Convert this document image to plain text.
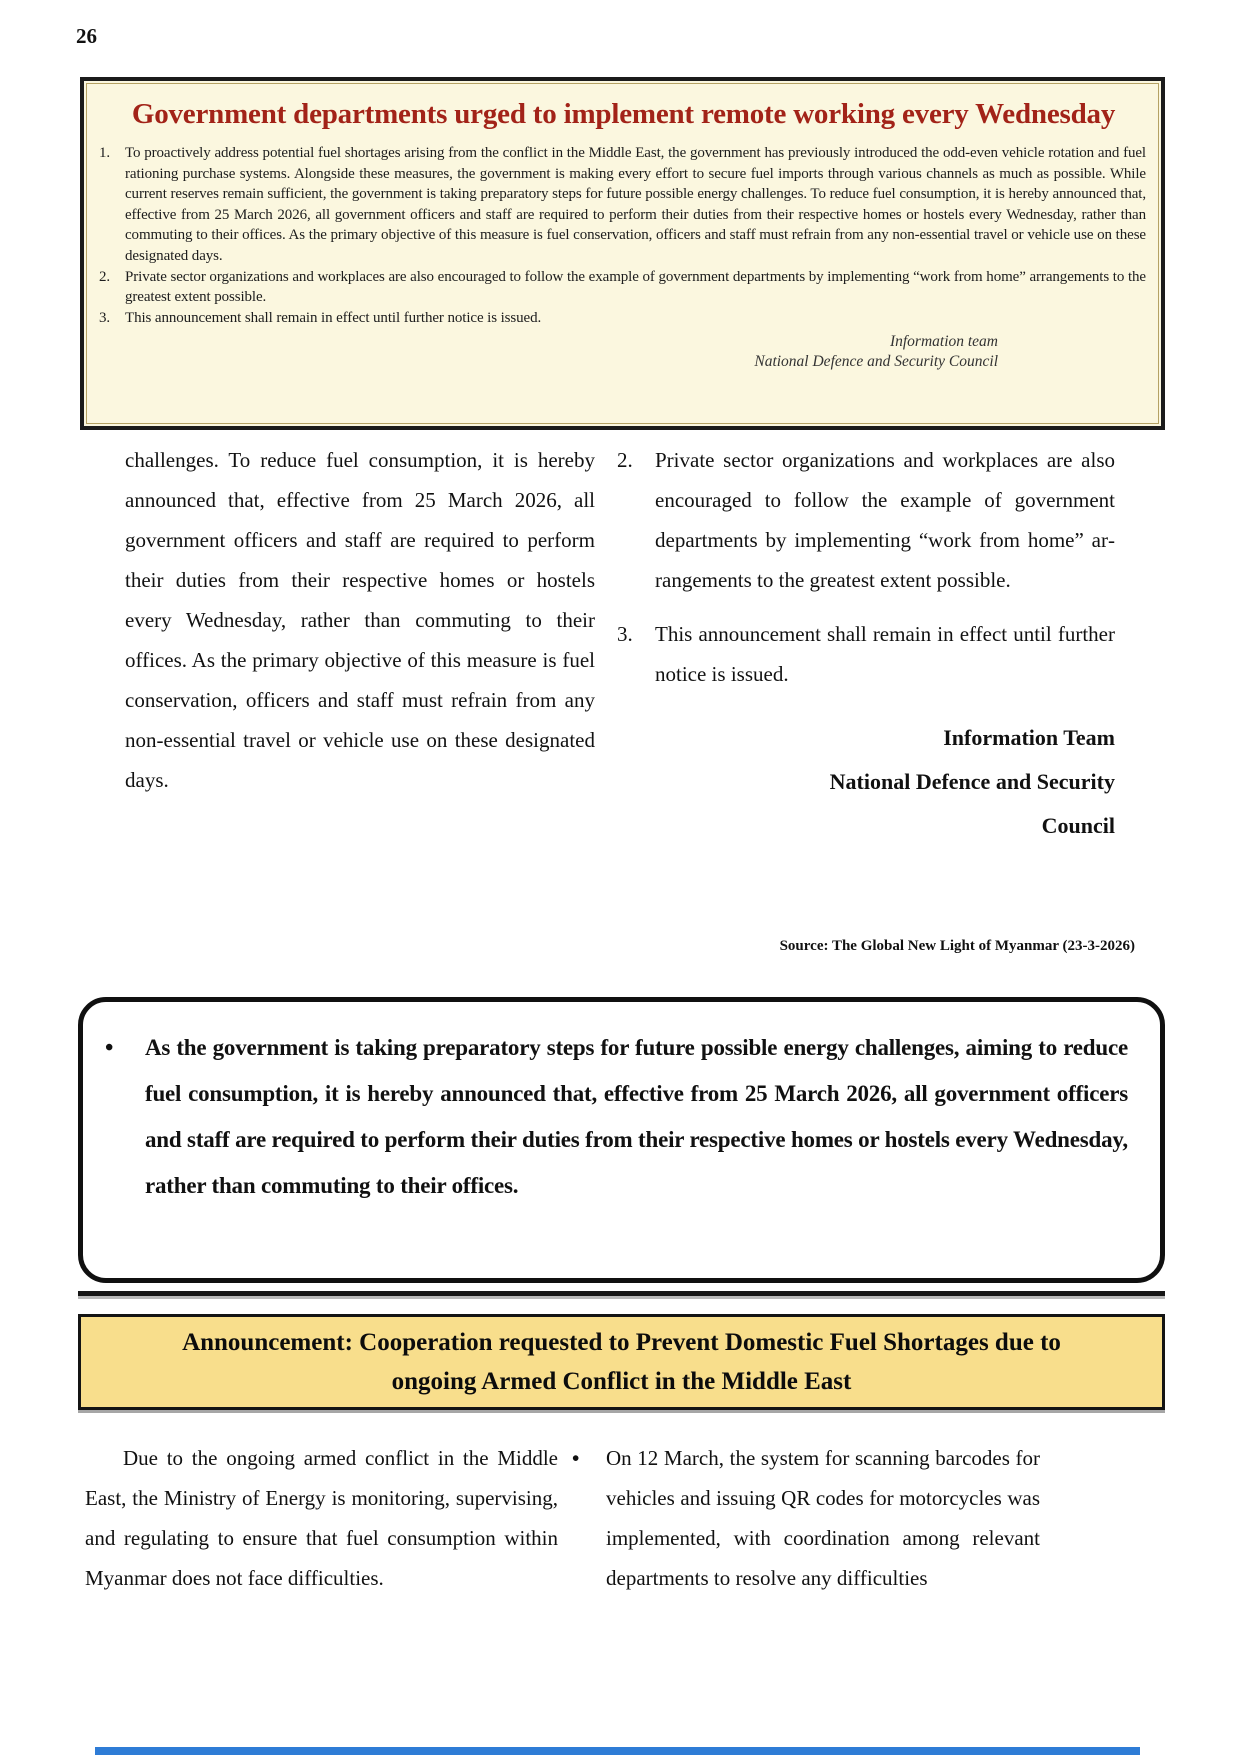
26
Government departments urged to implement remote working every Wednesday
1. To proactively address potential fuel shortages arising from the conflict in the Middle East, the government has previously introduced the odd-even vehicle rotation and fuel rationing purchase systems. Alongside these measures, the government is making every effort to secure fuel imports through various channels as much as possible. While current reserves remain sufficient, the government is taking preparatory steps for future possible energy challenges. To reduce fuel consumption, it is hereby announced that, effective from 25 March 2026, all government officers and staff are required to perform their duties from their respective homes or hostels every Wednesday, rather than commuting to their offices. As the primary objective of this measure is fuel conservation, officers and staff must refrain from any non-essential travel or vehicle use on these designated days.
2. Private sector organizations and workplaces are also encouraged to follow the example of government departments by implementing “work from home” arrangements to the greatest extent possible.
3. This announcement shall remain in effect until further notice is issued.
Information team
National Defence and Security Council
challenges. To reduce fuel consumption, it is hereby announced that, effective from 25 March 2026, all government officers and staff are required to perform their duties from their respective homes or hostels every Wednesday, rather than commuting to their offices. As the primary objective of this measure is fuel conservation, officers and staff must refrain from any non-essential travel or vehicle use on these designated days.
2.	Private sector organizations and workplaces are also encouraged to follow the example of government departments by implementing “work from home” arrangements to the greatest extent possible.
3.	This announcement shall remain in effect until further notice is issued.
Information Team
National Defence and Security Council
Source: The Global New Light of Myanmar (23-3-2026)
•	As the government is taking preparatory steps for future possible energy challenges, aiming to reduce fuel consumption, it is hereby announced that, effective from 25 March 2026, all government officers and staff are required to perform their duties from their respective homes or hostels every Wednesday, rather than commuting to their offices.
Announcement: Cooperation requested to Prevent Domestic Fuel Shortages due to ongoing Armed Conflict in the Middle East
Due to the ongoing armed conflict in the Middle East, the Ministry of Energy is monitoring, supervising, and regulating to ensure that fuel consumption within Myanmar does not face difficulties.
•	On 12 March, the system for scanning barcodes for vehicles and issuing QR codes for motorcycles was implemented, with coordination among relevant departments to resolve any difficulties
